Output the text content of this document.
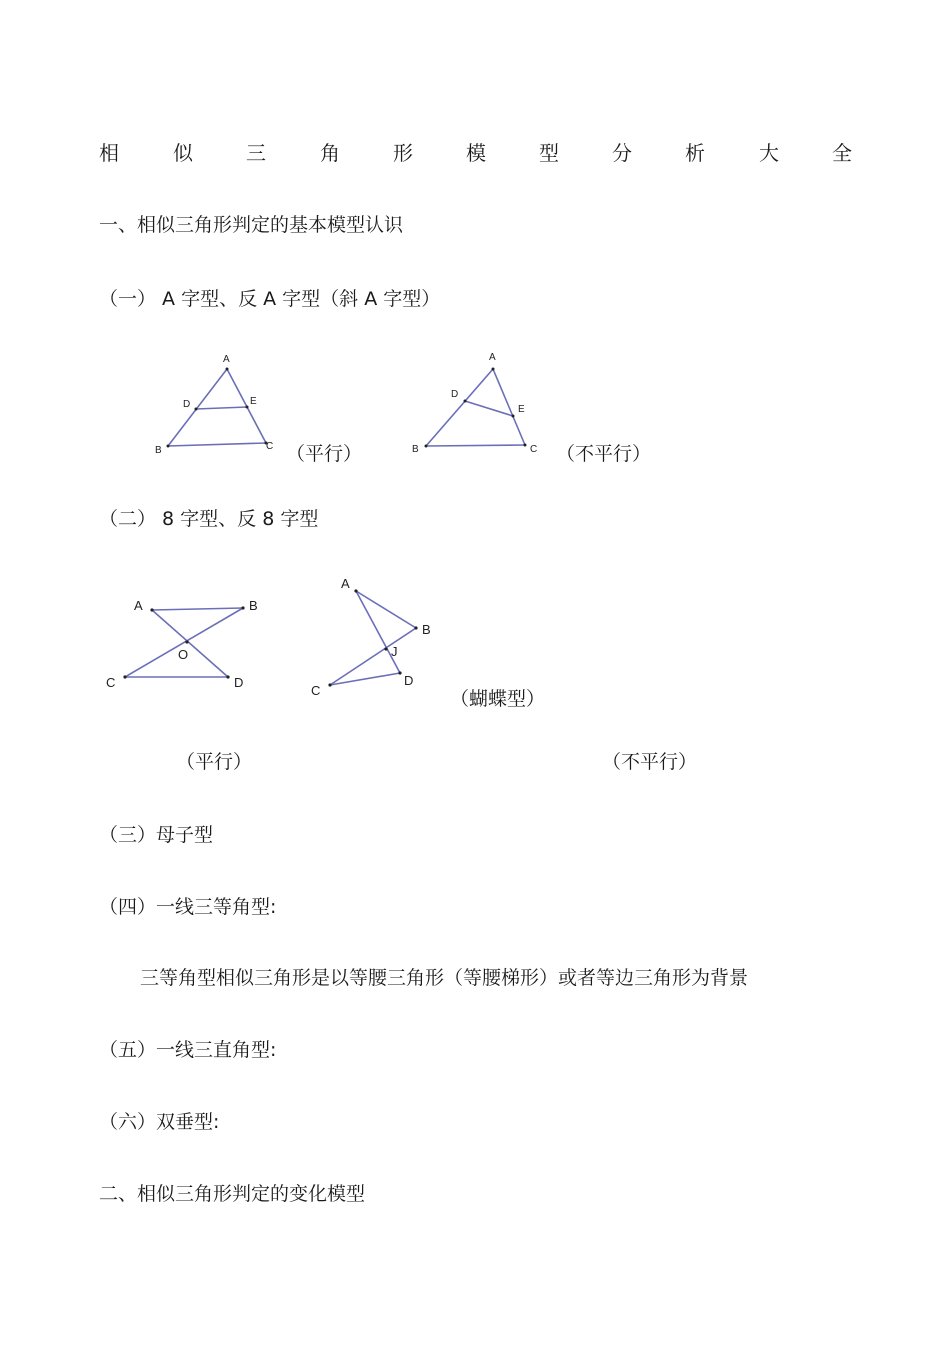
相	似	三	角	形	模	型	分	析	大	全
一、相似三角形判定的基本模型认识
（一） A 字型、反 A 字型（斜 A 字型）
A
D	E
B	C （平行）
A
D
E
B	C （不平行）
（二） 8 字型、反 8 字型
A	B
O
C	D
A
B
J
C
D
（蝴蝶型）
（平行）	（不平行）
（三）母子型
（四）一线三等角型:
三等角型相似三角形是以等腰三角形（等腰梯形）或者等边三角形为背景
（五）一线三直角型:
（六）双垂型:
二、相似三角形判定的变化模型
